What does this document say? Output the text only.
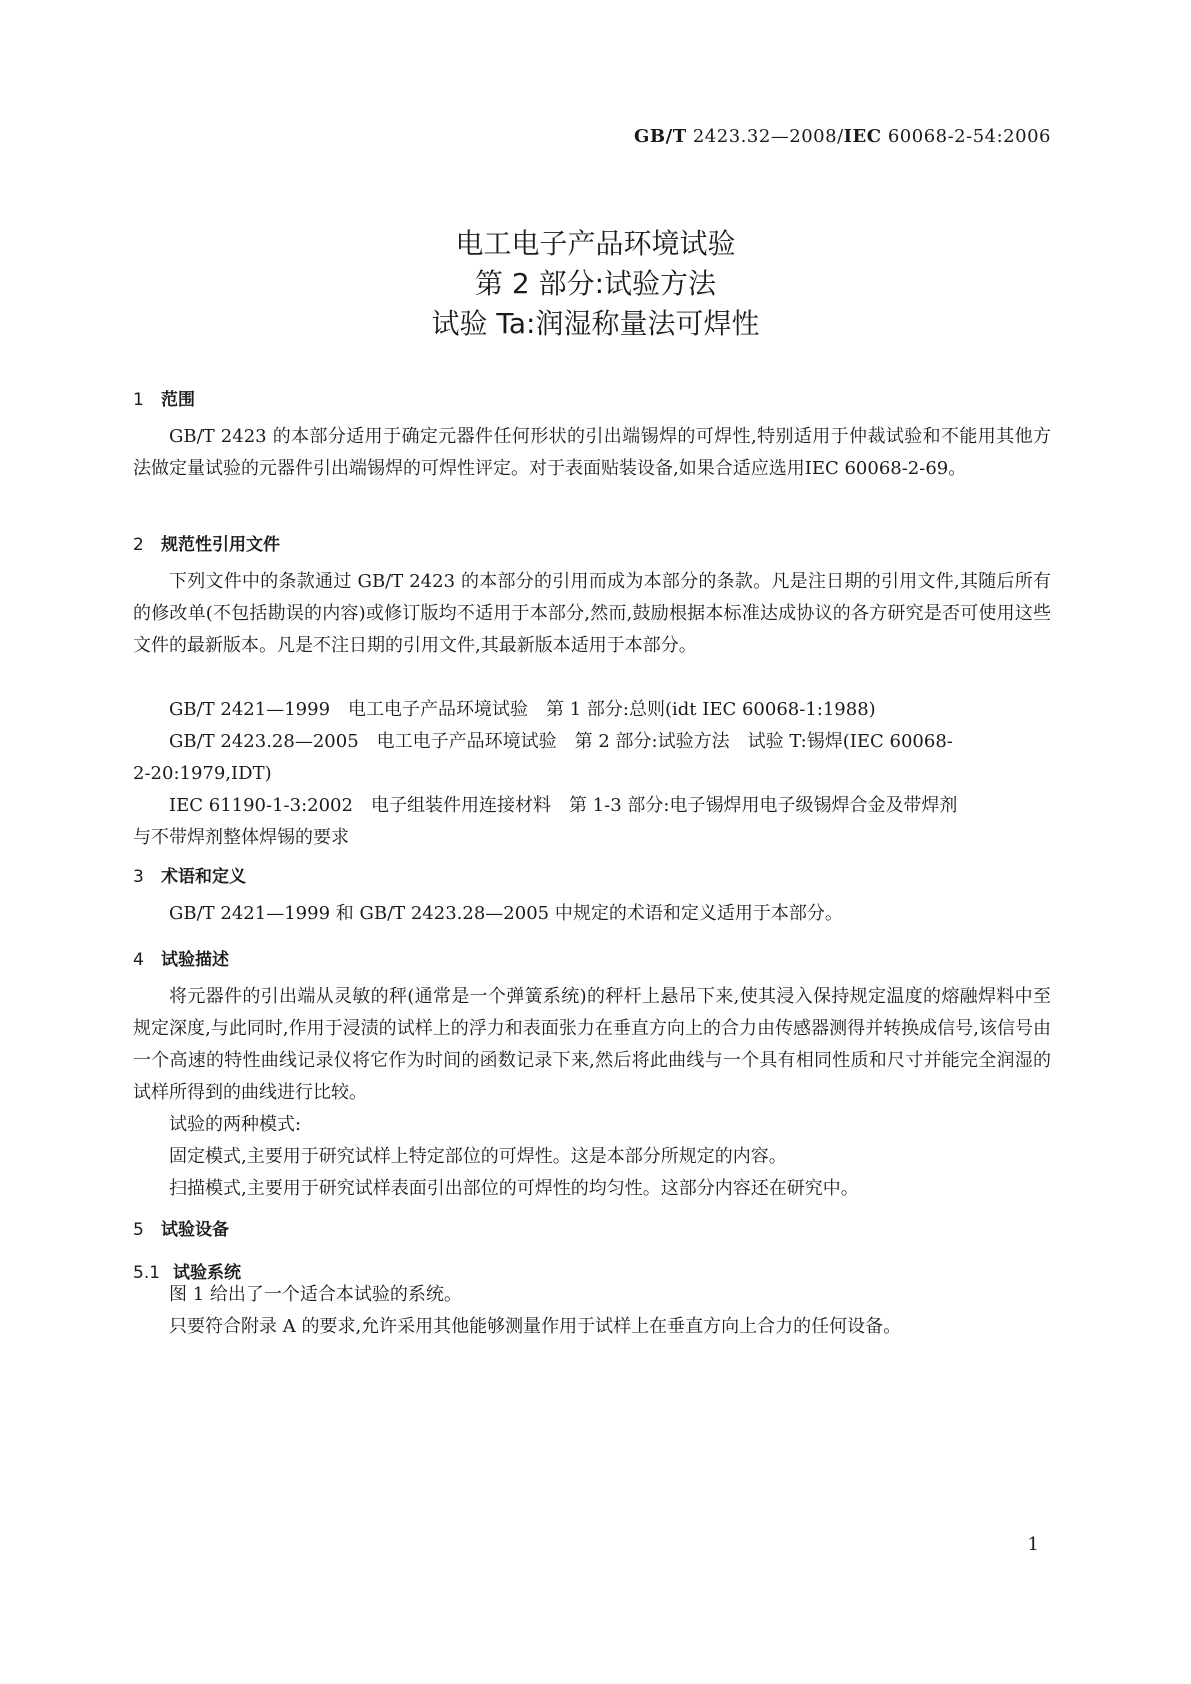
GB/T 2423.32—2008/IEC 60068-2-54:2006
电工电子产品环境试验
第 2 部分:试验方法
试验 Ta:润湿称量法可焊性
1 范围
GB/T 2423 的本部分适用于确定元器件任何形状的引出端锡焊的可焊性,特别适用于仲裁试验和不能用其他方法做定量试验的元器件引出端锡焊的可焊性评定。对于表面贴装设备,如果合适应选用IEC 60068-2-69。
2 规范性引用文件
下列文件中的条款通过 GB/T 2423 的本部分的引用而成为本部分的条款。凡是注日期的引用文件,其随后所有的修改单(不包括勘误的内容)或修订版均不适用于本部分,然而,鼓励根据本标准达成协议的各方研究是否可使用这些文件的最新版本。凡是不注日期的引用文件,其最新版本适用于本部分。
GB/T 2421—1999　电工电子产品环境试验　第 1 部分:总则(idt IEC 60068-1:1988)
GB/T 2423.28—2005　电工电子产品环境试验　第 2 部分:试验方法　试验 T:锡焊(IEC 60068-
2-20:1979,IDT)
IEC 61190-1-3:2002　电子组装件用连接材料　第 1-3 部分:电子锡焊用电子级锡焊合金及带焊剂
与不带焊剂整体焊锡的要求
3 术语和定义
GB/T 2421—1999 和 GB/T 2423.28—2005 中规定的术语和定义适用于本部分。
4 试验描述
将元器件的引出端从灵敏的秤(通常是一个弹簧系统)的秤杆上悬吊下来,使其浸入保持规定温度的熔融焊料中至规定深度,与此同时,作用于浸渍的试样上的浮力和表面张力在垂直方向上的合力由传感器测得并转换成信号,该信号由一个高速的特性曲线记录仪将它作为时间的函数记录下来,然后将此曲线与一个具有相同性质和尺寸并能完全润湿的试样所得到的曲线进行比较。
试验的两种模式:
固定模式,主要用于研究试样上特定部位的可焊性。这是本部分所规定的内容。
扫描模式,主要用于研究试样表面引出部位的可焊性的均匀性。这部分内容还在研究中。
5 试验设备
5.1 试验系统
图 1 给出了一个适合本试验的系统。
只要符合附录 A 的要求,允许采用其他能够测量作用于试样上在垂直方向上合力的任何设备。
1
